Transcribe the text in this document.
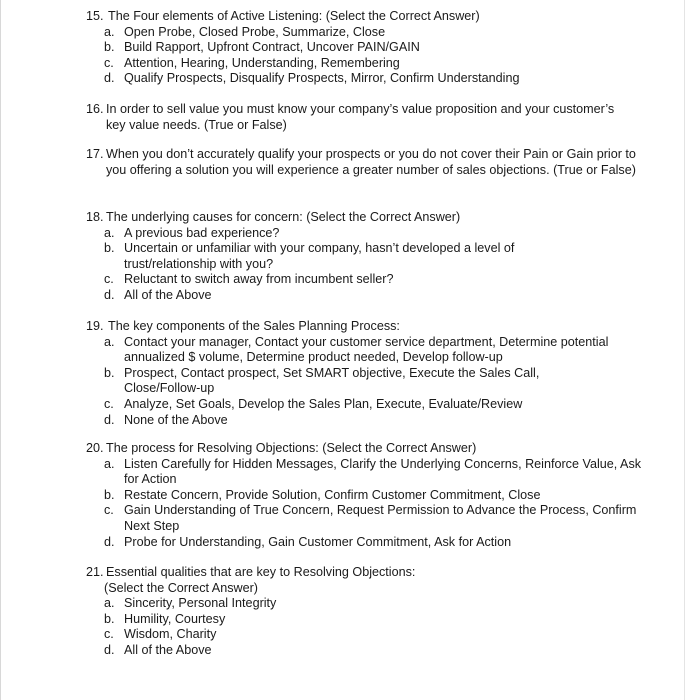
15. The Four elements of Active Listening: (Select the Correct Answer)
a. Open Probe, Closed Probe, Summarize, Close
b. Build Rapport, Upfront Contract, Uncover PAIN/GAIN
c. Attention, Hearing, Understanding, Remembering
d. Qualify Prospects, Disqualify Prospects, Mirror, Confirm Understanding
16. In order to sell value you must know your company’s value proposition and your customer’s key value needs. (True or False)
17. When you don’t accurately qualify your prospects or you do not cover their Pain or Gain prior to you offering a solution you will experience a greater number of sales objections. (True or False)
18. The underlying causes for concern: (Select the Correct Answer)
a. A previous bad experience?
b. Uncertain or unfamiliar with your company, hasn’t developed a level of trust/relationship with you?
c. Reluctant to switch away from incumbent seller?
d. All of the Above
19. The key components of the Sales Planning Process:
a. Contact your manager, Contact your customer service department, Determine potential annualized $ volume, Determine product needed, Develop follow-up
b. Prospect, Contact prospect, Set SMART objective, Execute the Sales Call, Close/Follow-up
c. Analyze, Set Goals, Develop the Sales Plan, Execute, Evaluate/Review
d. None of the Above
20. The process for Resolving Objections: (Select the Correct Answer)
a. Listen Carefully for Hidden Messages, Clarify the Underlying Concerns, Reinforce Value, Ask for Action
b. Restate Concern, Provide Solution, Confirm Customer Commitment, Close
c. Gain Understanding of True Concern, Request Permission to Advance the Process, Confirm Next Step
d. Probe for Understanding, Gain Customer Commitment, Ask for Action
21. Essential qualities that are key to Resolving Objections:
(Select the Correct Answer)
a. Sincerity, Personal Integrity
b. Humility, Courtesy
c. Wisdom, Charity
d. All of the Above
